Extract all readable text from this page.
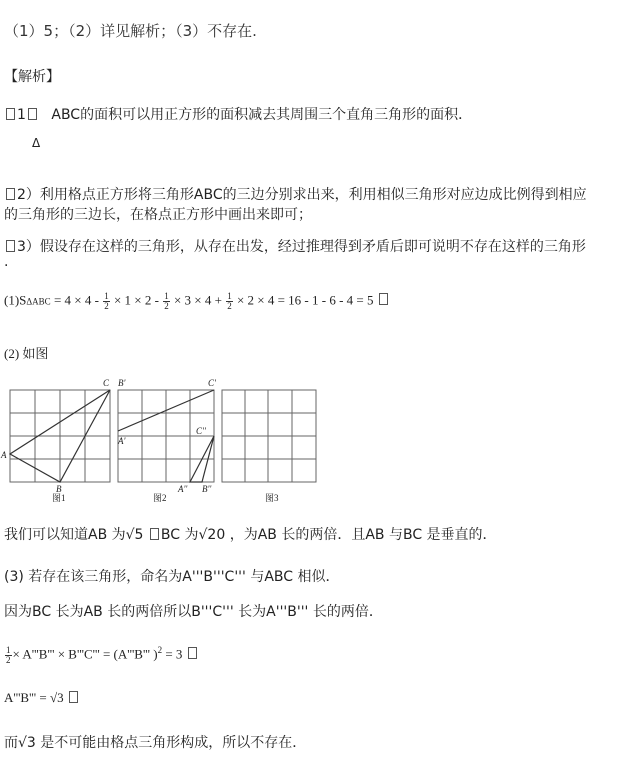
（1）5；（2）详见解析；（3）不存在.
【解析】
1 ABC的面积可以用正方形的面积减去其周围三个直角三角形的面积．
Δ
2）利用格点正方形将三角形ABC的三边分别求出来，利用相似三角形对应边成比例得到相应
的三角形的三边长，在格点正方形中画出来即可；
3）假设存在这样的三角形，从存在出发，经过推理得到矛盾后即可说明不存在这样的三角形
.
$(1)S\Delta ABC = 4 \times 4 - \frac{1}{2} \times 1 \times 2 - \frac{1}{2} \times 3 \times 4 + \frac{1}{2} \times 2 \times 4 = 16 - 1 - 6 - 4 = 5$
(2) 如图
A
B
C B'
A'
C'
C''
A'' B''
图1	图2	图3
我们可以知道AB 为√5 BC 为√20 ，为AB 长的两倍．且AB 与BC 是垂直的．
(3) 若存在该三角形，命名为A'''B'''C''' 与ABC 相似．
因为BC 长为AB 长的两倍所以B'''C''' 长为A'''B''' 长的两倍．
$\frac{1}{2} \times A'''B''' \times B'''C''' = (A'''B'''$ )$^2$ = 3
A'''B''' = √3
而√3 是不可能由格点三角形构成，所以不存在．
